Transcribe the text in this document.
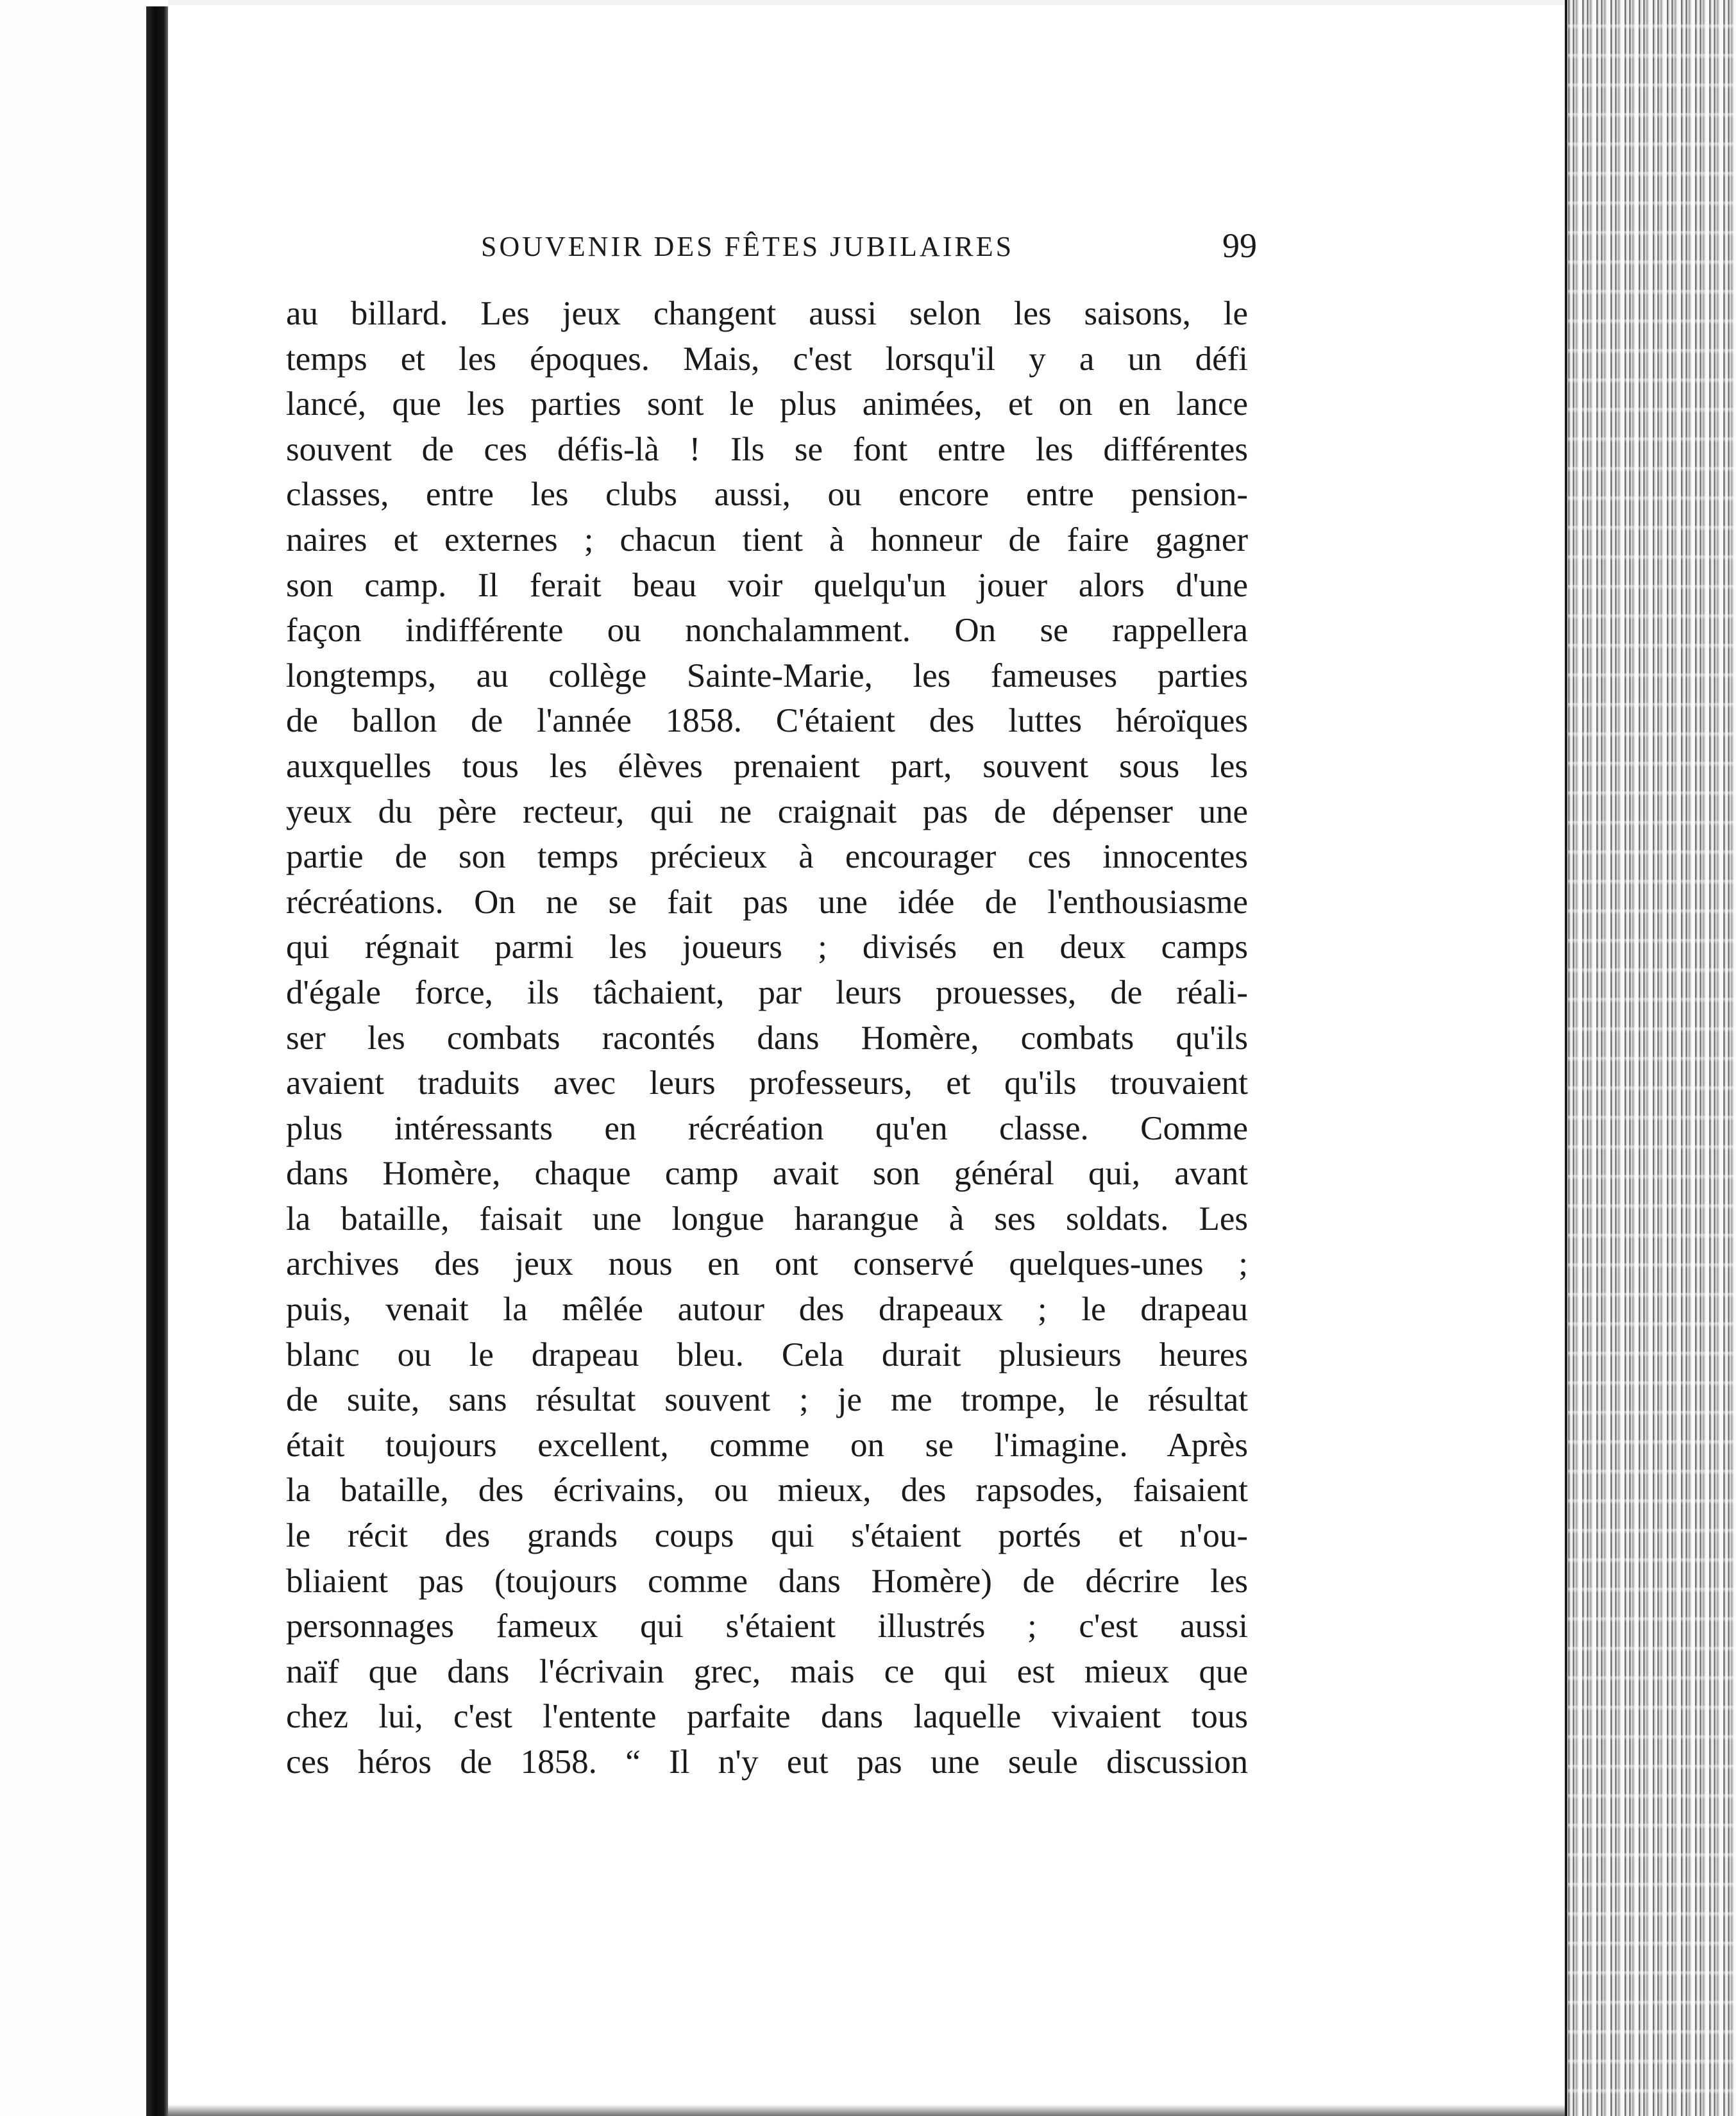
SOUVENIR DES FÊTES JUBILAIRES	99
au billard. Les jeux changent aussi selon les saisons, le
temps et les époques. Mais, c'est lorsqu'il y a un défi
lancé, que les parties sont le plus animées, et on en lance
souvent de ces défis-là ! Ils se font entre les différentes
classes, entre les clubs aussi, ou encore entre pension-
naires et externes ; chacun tient à honneur de faire gagner
son camp. Il ferait beau voir quelqu'un jouer alors d'une
façon indifférente ou nonchalamment. On se rappellera
longtemps, au collège Sainte-Marie, les fameuses parties
de ballon de l'année 1858. C'étaient des luttes héroïques
auxquelles tous les élèves prenaient part, souvent sous les
yeux du père recteur, qui ne craignait pas de dépenser une
partie de son temps précieux à encourager ces innocentes
récréations. On ne se fait pas une idée de l'enthousiasme
qui régnait parmi les joueurs ; divisés en deux camps
d'égale force, ils tâchaient, par leurs prouesses, de réali-
ser les combats racontés dans Homère, combats qu'ils
avaient traduits avec leurs professeurs, et qu'ils trouvaient
plus intéressants en récréation qu'en classe. Comme
dans Homère, chaque camp avait son général qui, avant
la bataille, faisait une longue harangue à ses soldats. Les
archives des jeux nous en ont conservé quelques-unes ;
puis, venait la mêlée autour des drapeaux ; le drapeau
blanc ou le drapeau bleu. Cela durait plusieurs heures
de suite, sans résultat souvent ; je me trompe, le résultat
était toujours excellent, comme on se l'imagine. Après
la bataille, des écrivains, ou mieux, des rapsodes, faisaient
le récit des grands coups qui s'étaient portés et n'ou-
bliaient pas (toujours comme dans Homère) de décrire les
personnages fameux qui s'étaient illustrés ; c'est aussi
naïf que dans l'écrivain grec, mais ce qui est mieux que
chez lui, c'est l'entente parfaite dans laquelle vivaient tous
ces héros de 1858. “ Il n'y eut pas une seule discussion
